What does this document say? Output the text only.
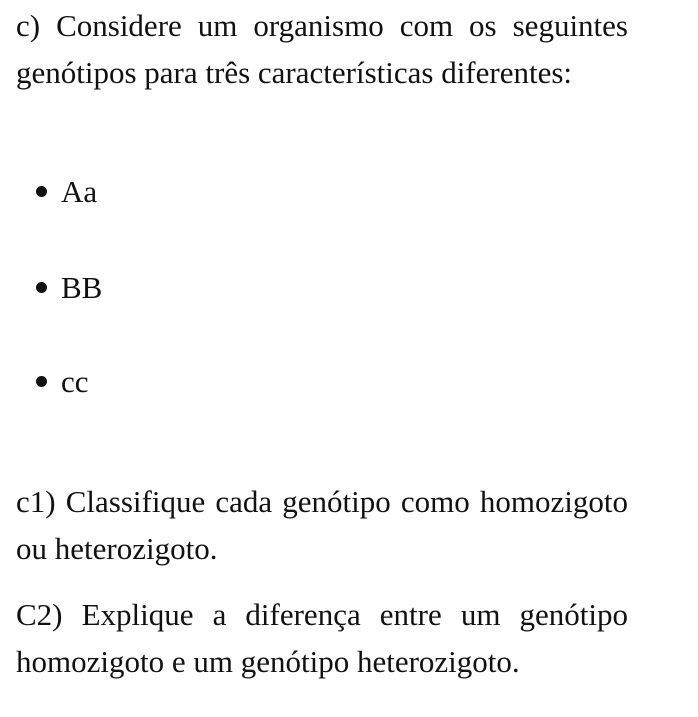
c) Considere um organismo com os seguintes genótipos para três características diferentes:

Aa
BB
cc

c1) Classifique cada genótipo como homozigoto ou heterozigoto.

C2) Explique a diferença entre um genótipo homozigoto e um genótipo heterozigoto.
